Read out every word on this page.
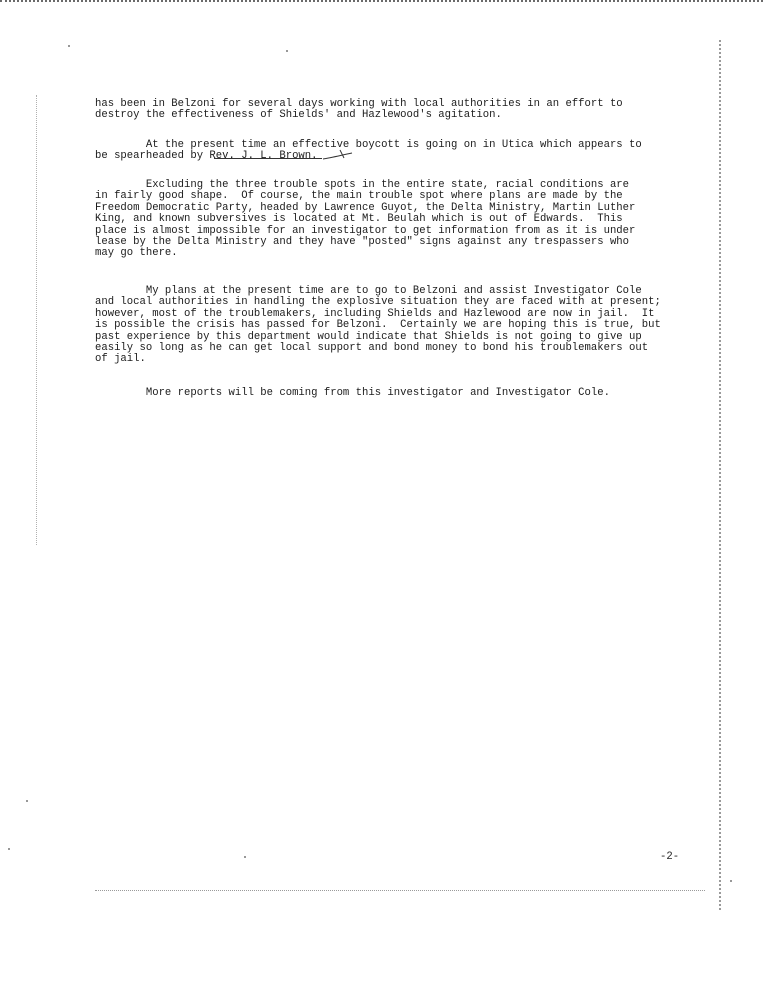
has been in Belzoni for several days working with local authorities in an effort to
destroy the effectiveness of Shields' and Hazlewood's agitation.
At the present time an effective boycott is going on in Utica which appears to
be spearheaded by Rev. J. L. Brown.
Excluding the three trouble spots in the entire state, racial conditions are
in fairly good shape.  Of course, the main trouble spot where plans are made by the
Freedom Democratic Party, headed by Lawrence Guyot, the Delta Ministry, Martin Luther
King, and known subversives is located at Mt. Beulah which is out of Edwards.  This
place is almost impossible for an investigator to get information from as it is under
lease by the Delta Ministry and they have "posted" signs against any trespassers who
may go there.
My plans at the present time are to go to Belzoni and assist Investigator Cole
and local authorities in handling the explosive situation they are faced with at present;
however, most of the troublemakers, including Shields and Hazlewood are now in jail.  It
is possible the crisis has passed for Belzoni.  Certainly we are hoping this is true, but
past experience by this department would indicate that Shields is not going to give up
easily so long as he can get local support and bond money to bond his troublemakers out
of jail.
More reports will be coming from this investigator and Investigator Cole.
-2-
